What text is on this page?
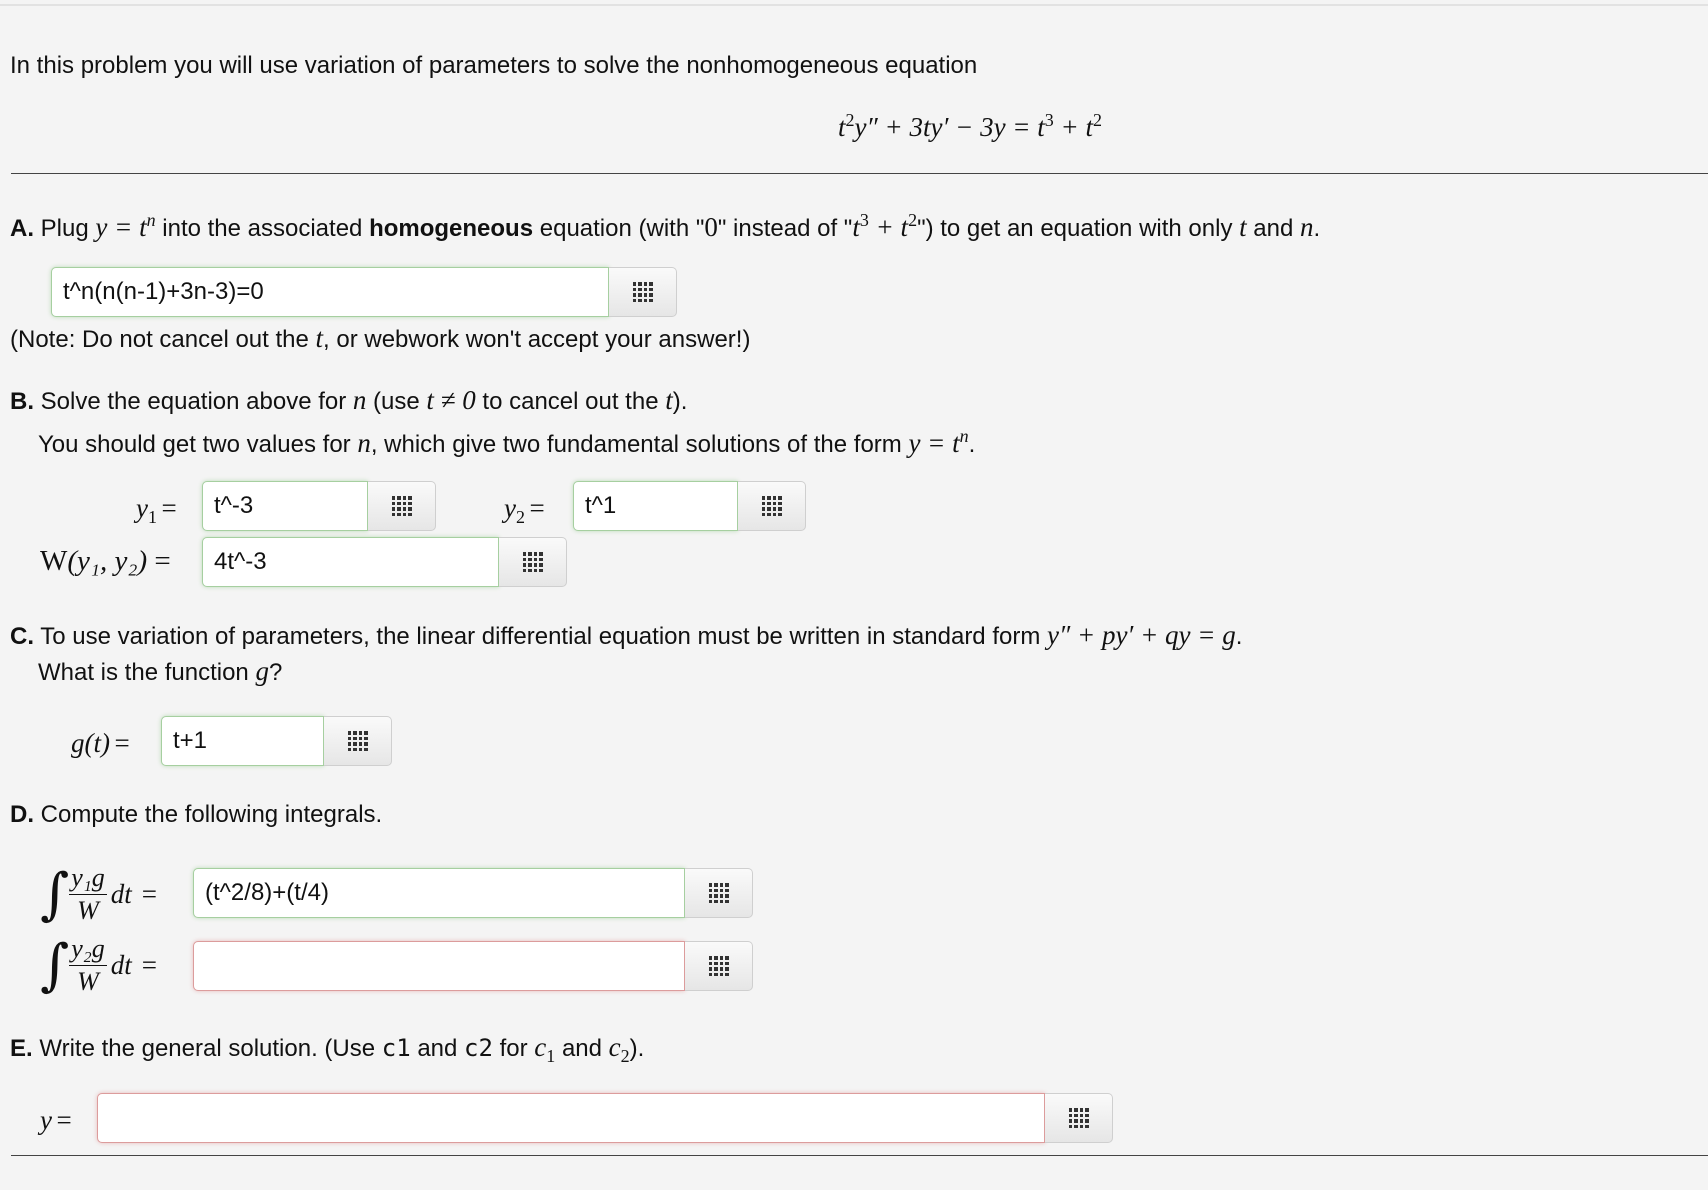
In this problem you will use variation of parameters to solve the nonhomogeneous equation
$t^2y'' + 3ty' - 3y = t^3 + t^2$
A. Plug $y = t^n$ into the associated homogeneous equation (with "0" instead of "$t^3$ + $t^2$") to get an equation with only t and n.
t^n(n(n-1)+3n-3)=0
(Note: Do not cancel out the t, or webwork won't accept your answer!)
B. Solve the equation above for n (use t ≠ 0 to cancel out the t).
You should get two values for n, which give two fundamental solutions of the form $y = t^n$.
y1 =	t^-3	y2 =	t^1
W(y₁, y₂) =	4t^-3
C. To use variation of parameters, the linear differential equation must be written in standard form y″ + py′ + qy = g.
What is the function g?
g(t) =	t+1
D. Compute the following integrals.
∫ $\frac{\text{y₁g}}{W}$ dt =	(t^2/8)+(t/4)
∫ $\frac{\text{y₂g}}{W}$ dt =
E. Write the general solution. (Use c1 and c2 for $c_1$ and $c_2$).
y =
